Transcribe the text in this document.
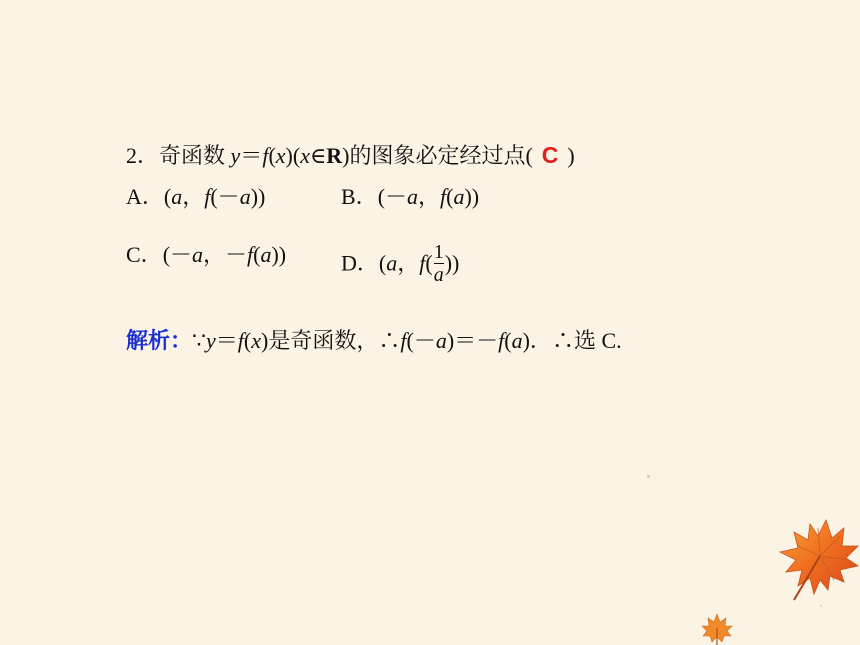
2．奇函数 y＝f(x)(x∈R)的图象必定经过点( C )
A．(a，f(－a))	B．(－a，f(a))
C．(－a，－f(a)) D．(a，$f( \frac{1}{a}$ ))
解析：∵y＝f(x)是奇函数，∴f(－a)＝－f(a)．∴选 C.
